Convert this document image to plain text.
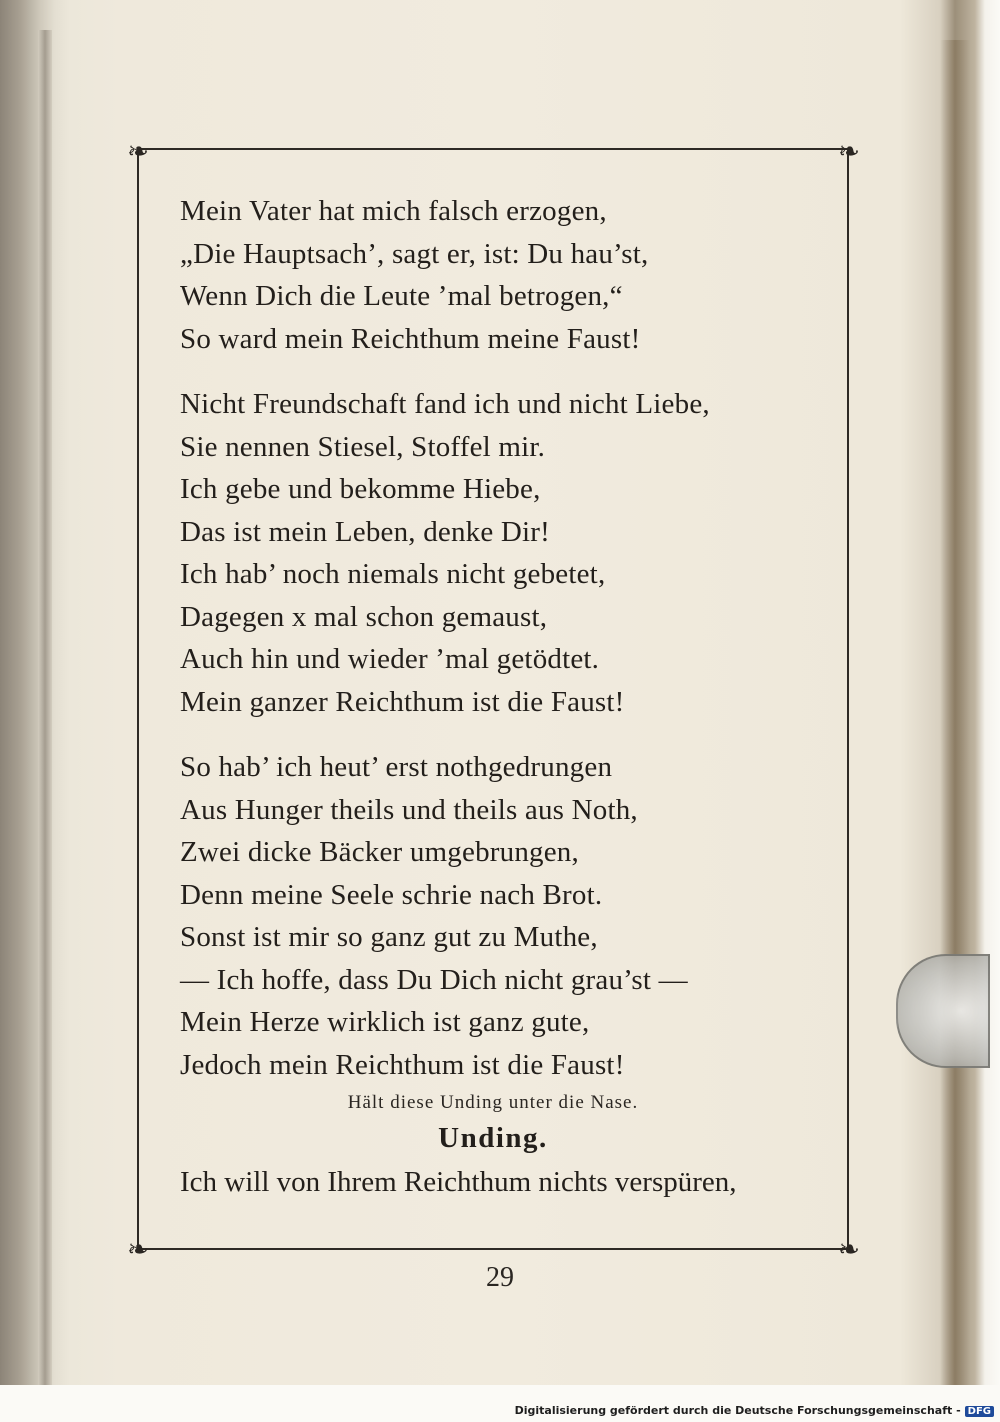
❧	❧
❧	❧

Mein Vater hat mich falsch erzogen,
„Die Hauptsach’, sagt er, ist: Du hau’st,
Wenn Dich die Leute ’mal betrogen,“
So ward mein Reichthum meine Faust!

Nicht Freundschaft fand ich und nicht Liebe,
Sie nennen Stiesel, Stoffel mir.
Ich gebe und bekomme Hiebe,
Das ist mein Leben, denke Dir!
Ich hab’ noch niemals nicht gebetet,
Dagegen x mal schon gemaust,
Auch hin und wieder ’mal getödtet.
Mein ganzer Reichthum ist die Faust!

So hab’ ich heut’ erst nothgedrungen
Aus Hunger theils und theils aus Noth,
Zwei dicke Bäcker umgebrungen,
Denn meine Seele schrie nach Brot.
Sonst ist mir so ganz gut zu Muthe,
— Ich hoffe, dass Du Dich nicht grau’st —
Mein Herze wirklich ist ganz gute,
Jedoch mein Reichthum ist die Faust!

Hält diese Unding unter die Nase.
Unding.
Ich will von Ihrem Reichthum nichts verspüren,
29
Digitalisierung gefördert durch die Deutsche Forschungsgemeinschaft - DFG
